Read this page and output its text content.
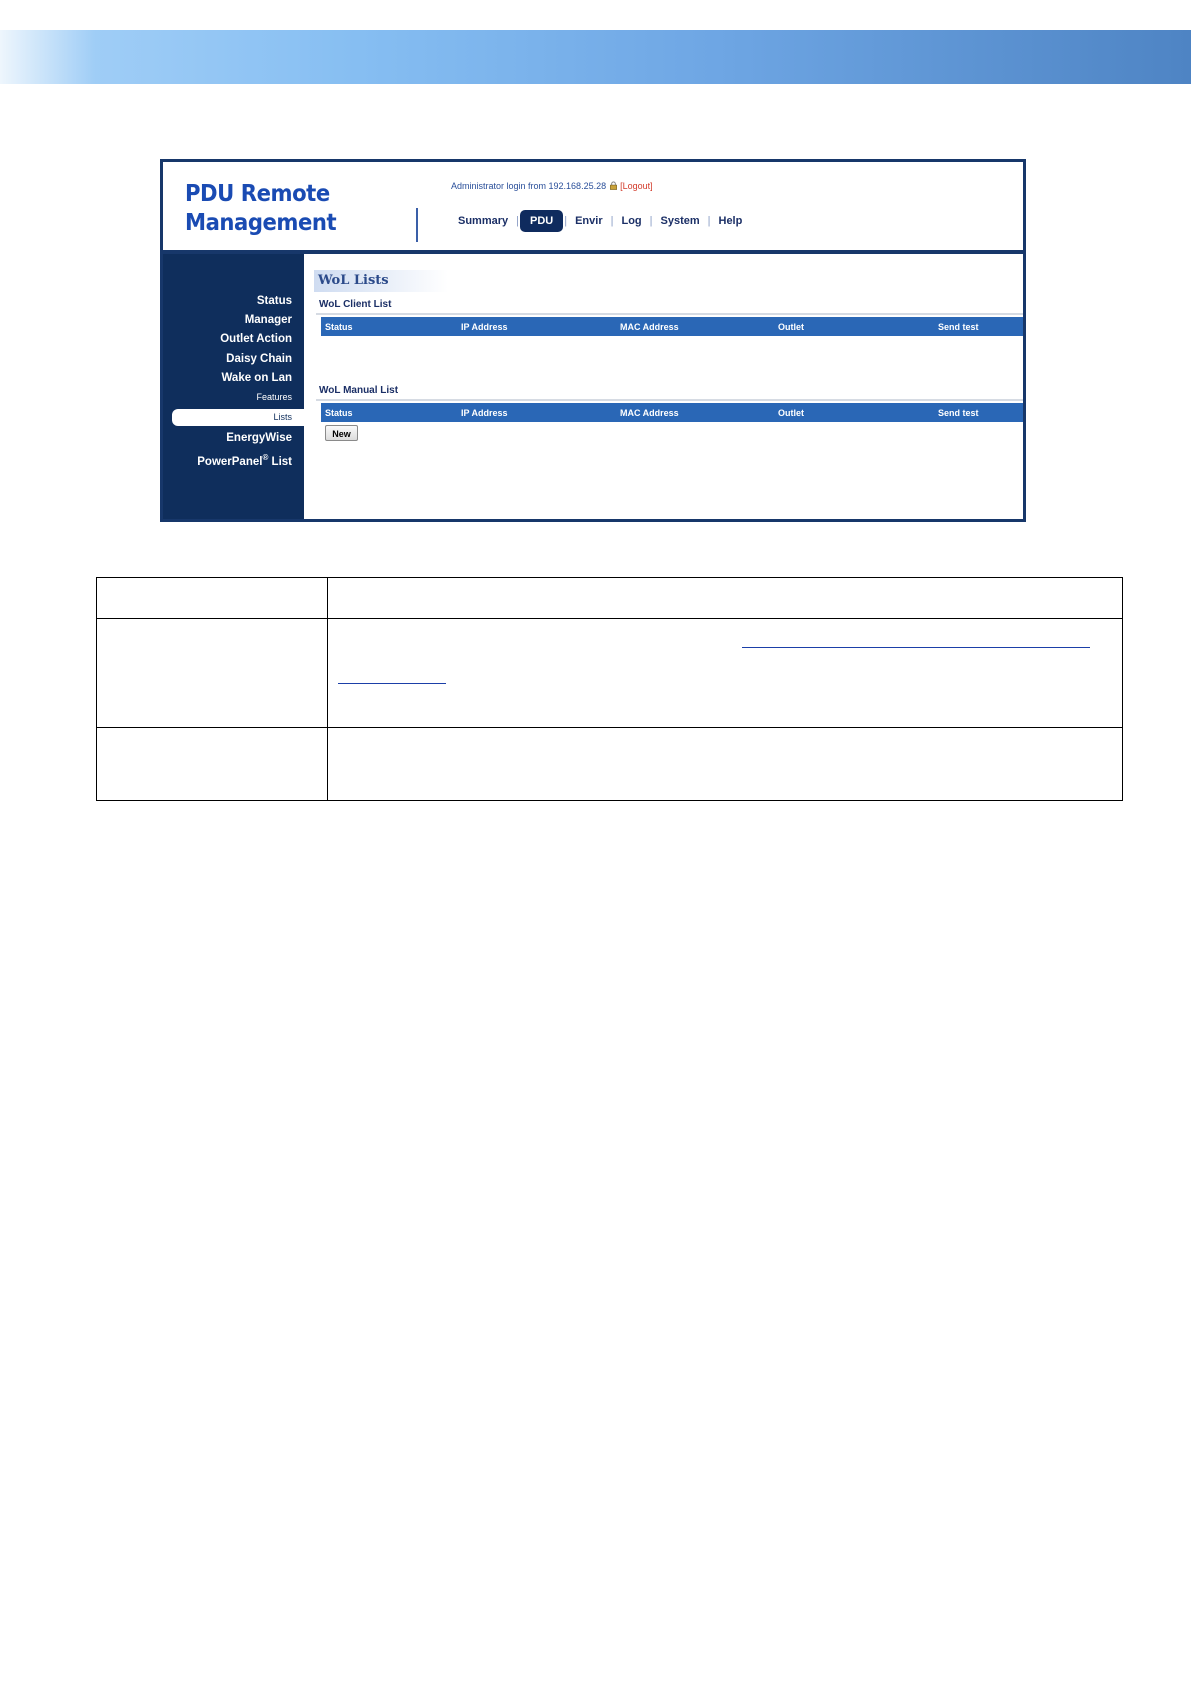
PDU Remote
Management
Administrator login from 192.168.25.28 [Logout]
Summary |	PDU	| Envir | Log | System | Help
Status
Manager
Outlet Action
Daisy Chain
Wake on Lan
Features
Lists
EnergyWise
PowerPanel® List
WoL Lists
WoL Client List
Status	IP Address	MAC Address	Outlet	Send test
WoL Manual List
Status	IP Address	MAC Address	Outlet	Send test
New
